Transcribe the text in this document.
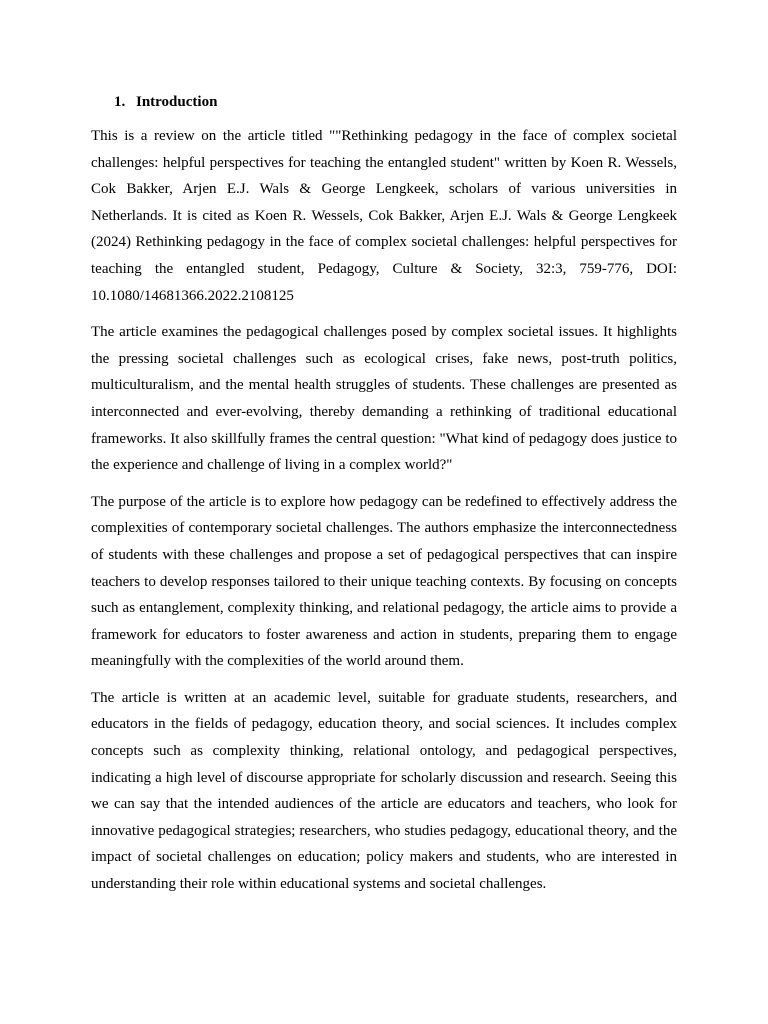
1. Introduction

This is a review on the article titled ""Rethinking pedagogy in the face of complex societal challenges: helpful perspectives for teaching the entangled student" written by Koen R. Wessels, Cok Bakker, Arjen E.J. Wals & George Lengkeek, scholars of various universities in Netherlands. It is cited as Koen R. Wessels, Cok Bakker, Arjen E.J. Wals & George Lengkeek (2024) Rethinking pedagogy in the face of complex societal challenges: helpful perspectives for teaching the entangled student, Pedagogy, Culture & Society, 32:3, 759-776, DOI: 10.1080/14681366.2022.2108125

The article examines the pedagogical challenges posed by complex societal issues. It highlights the pressing societal challenges such as ecological crises, fake news, post-truth politics, multiculturalism, and the mental health struggles of students. These challenges are presented as interconnected and ever-evolving, thereby demanding a rethinking of traditional educational frameworks. It also skillfully frames the central question: "What kind of pedagogy does justice to the experience and challenge of living in a complex world?"

The purpose of the article is to explore how pedagogy can be redefined to effectively address the complexities of contemporary societal challenges. The authors emphasize the interconnectedness of students with these challenges and propose a set of pedagogical perspectives that can inspire teachers to develop responses tailored to their unique teaching contexts. By focusing on concepts such as entanglement, complexity thinking, and relational pedagogy, the article aims to provide a framework for educators to foster awareness and action in students, preparing them to engage meaningfully with the complexities of the world around them.

The article is written at an academic level, suitable for graduate students, researchers, and educators in the fields of pedagogy, education theory, and social sciences. It includes complex concepts such as complexity thinking, relational ontology, and pedagogical perspectives, indicating a high level of discourse appropriate for scholarly discussion and research. Seeing this we can say that the intended audiences of the article are educators and teachers, who look for innovative pedagogical strategies; researchers, who studies pedagogy, educational theory, and the impact of societal challenges on education; policy makers and students, who are interested in understanding their role within educational systems and societal challenges.
